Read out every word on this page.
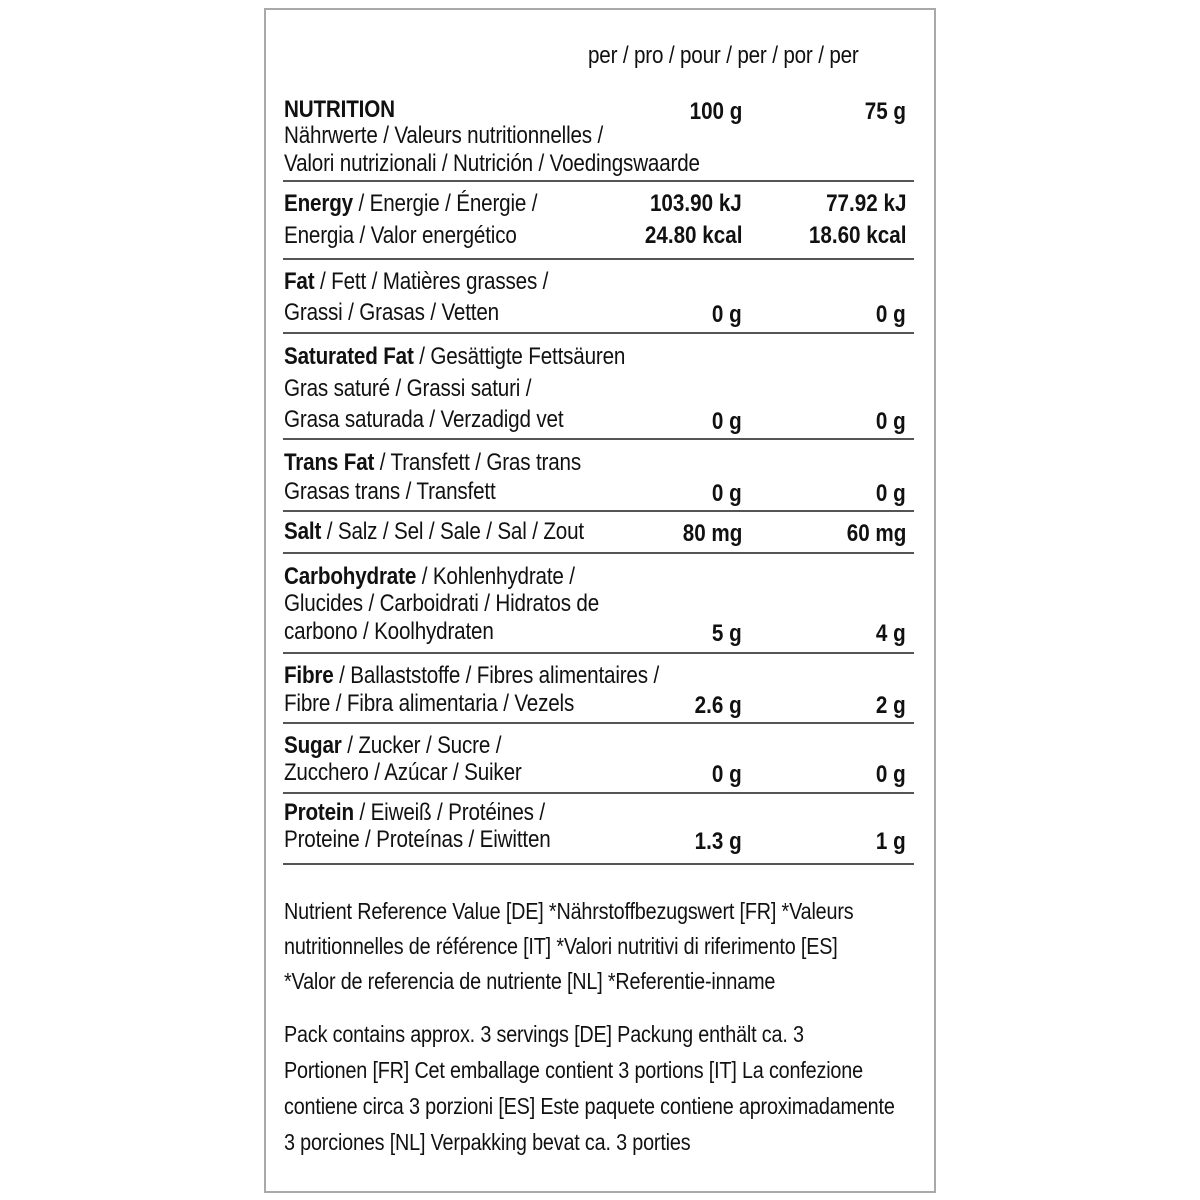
per / pro / pour / per / por / per
NUTRITION
Nährwerte / Valeurs nutritionnelles /
Valori nutrizionali / Nutrición / Voedingswaarde
100 g	75 g
Energy / Energie / Énergie /
Energia / Valor energético
103.90 kJ	77.92 kJ
24.80 kcal	18.60 kcal
Fat / Fett / Matières grasses /
Grassi / Grasas / Vetten	0 g	0 g
Saturated Fat / Gesättigte Fettsäuren
Gras saturé / Grassi saturi /
Grasa saturada / Verzadigd vet	0 g	0 g
Trans Fat / Transfett / Gras trans
Grasas trans / Transfett	0 g	0 g
Salt / Salz / Sel / Sale / Sal / Zout	80 mg	60 mg
Carbohydrate / Kohlenhydrate /
Glucides / Carboidrati / Hidratos de
carbono / Koolhydraten	5 g	4 g
Fibre / Ballaststoffe / Fibres alimentaires /
Fibre / Fibra alimentaria / Vezels	2.6 g	2 g
Sugar / Zucker / Sucre /
Zucchero / Azúcar / Suiker	0 g	0 g
Protein / Eiweiß / Protéines /
Proteine / Proteínas / Eiwitten	1.3 g	1 g
Nutrient Reference Value [DE] *Nährstoffbezugswert [FR] *Valeurs
nutritionnelles de référence [IT] *Valori nutritivi di riferimento [ES]
*Valor de referencia de nutriente [NL] *Referentie-inname
Pack contains approx. 3 servings [DE] Packung enthält ca. 3
Portionen [FR] Cet emballage contient 3 portions [IT] La confezione
contiene circa 3 porzioni [ES] Este paquete contiene aproximadamente
3 porciones [NL] Verpakking bevat ca. 3 porties
